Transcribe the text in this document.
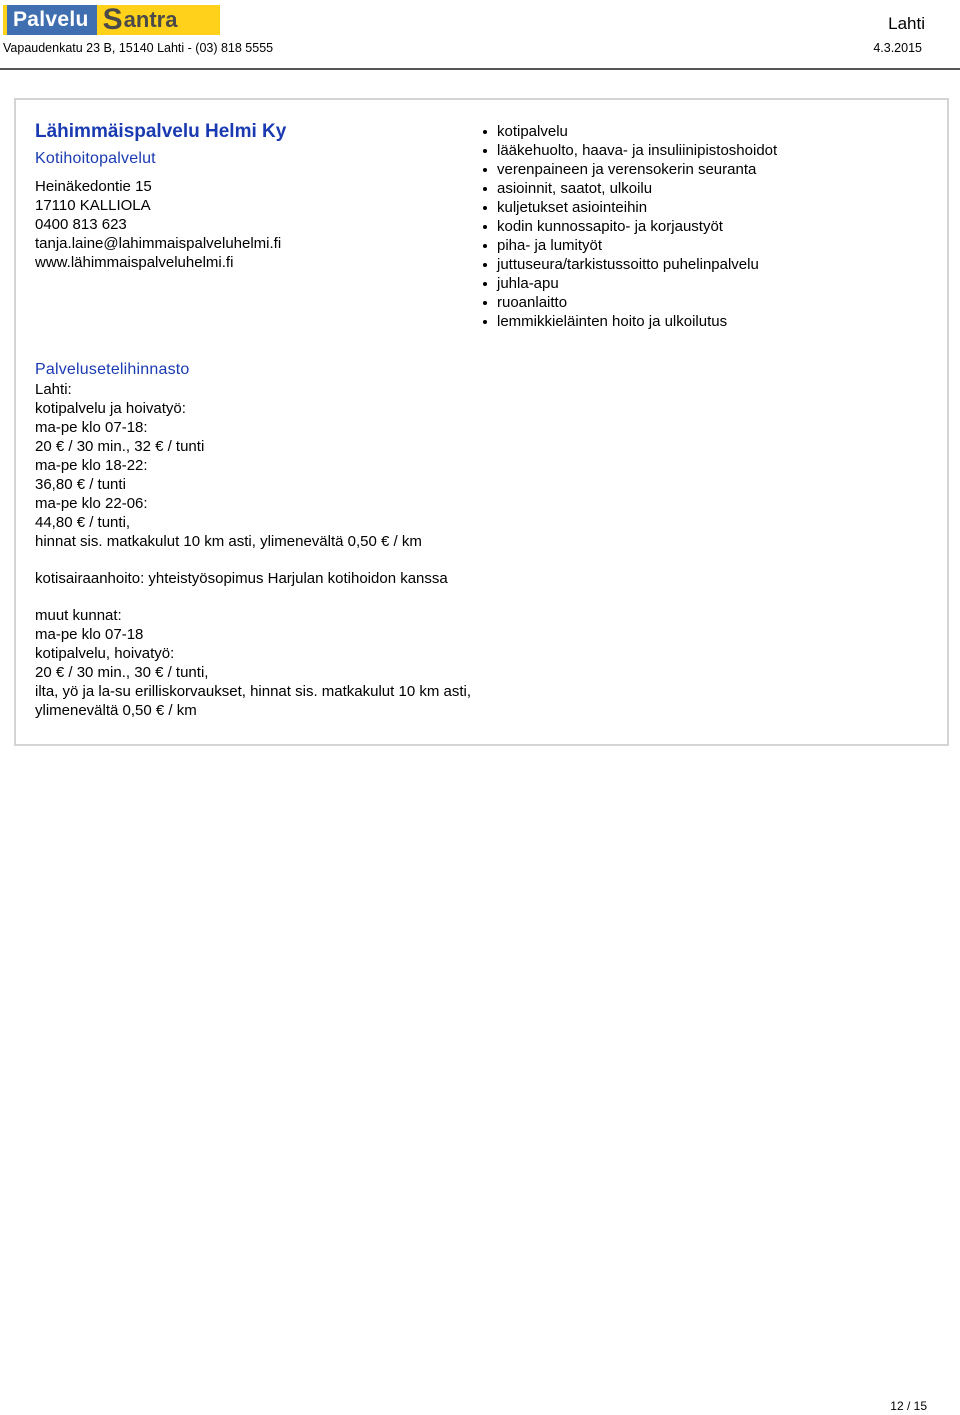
Palvelu S antra	Lahti
Vapaudenkatu 23 B, 15140 Lahti - (03) 818 5555	4.3.2015
Lähimmäispalvelu Helmi Ky
Kotihoitopalvelut
Heinäkedontie 15
17110 KALLIOLA
0400 813 623
tanja.laine@lahimmaispalveluhelmi.fi
www.lähimmaispalveluhelmi.fi
kotipalvelu
lääkehuolto, haava- ja insuliinipistoshoidot
verenpaineen ja verensokerin seuranta
asioinnit, saatot, ulkoilu
kuljetukset asiointeihin
kodin kunnossapito- ja korjaustyöt
piha- ja lumityöt
juttuseura/tarkistussoitto puhelinpalvelu
juhla-apu
ruoanlaitto
lemmikkieläinten hoito ja ulkoilutus
Palvelusetelihinnasto
Lahti:
kotipalvelu ja hoivatyö:
ma-pe klo 07-18:
20 € / 30 min., 32 € / tunti
ma-pe klo 18-22:
36,80 € / tunti
ma-pe klo 22-06:
44,80 € / tunti,
hinnat sis. matkakulut 10 km asti, ylimenevältä 0,50 € / km
kotisairaanhoito: yhteistyösopimus Harjulan kotihoidon kanssa
muut kunnat:
ma-pe klo 07-18
kotipalvelu, hoivatyö:
20 € / 30 min., 30 € / tunti,
ilta, yö ja la-su erilliskorvaukset, hinnat sis. matkakulut 10 km asti,
ylimenevältä 0,50 € / km
12 / 15
